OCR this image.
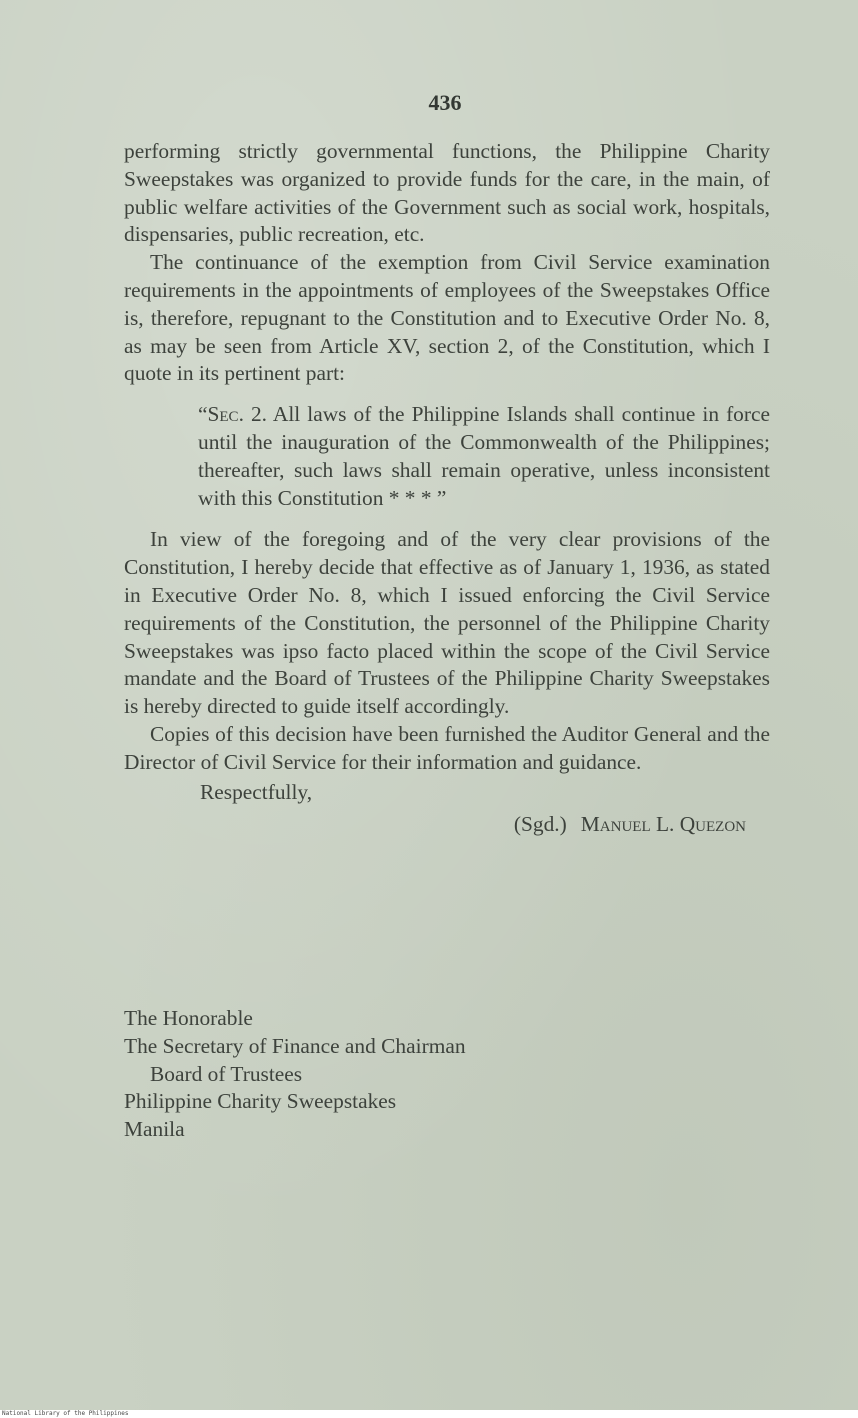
436

performing strictly governmental functions, the Philippine Charity Sweepstakes was organized to provide funds for the care, in the main, of public welfare activities of the Government such as social work, hospitals, dispensaries, public recreation, etc.

The continuance of the exemption from Civil Service examination requirements in the appointments of employees of the Sweepstakes Office is, therefore, repugnant to the Constitution and to Executive Order No. 8, as may be seen from Article XV, section 2, of the Constitution, which I quote in its pertinent part:

“Sec. 2. All laws of the Philippine Islands shall continue in force until the inauguration of the Commonwealth of the Philippines; thereafter, such laws shall remain operative, unless inconsistent with this Constitution * * * ”

In view of the foregoing and of the very clear provisions of the Constitution, I hereby decide that effective as of January 1, 1936, as stated in Executive Order No. 8, which I issued enforcing the Civil Service requirements of the Constitution, the personnel of the Philippine Charity Sweepstakes was ipso facto placed within the scope of the Civil Service mandate and the Board of Trustees of the Philippine Charity Sweepstakes is hereby directed to guide itself accordingly.

Copies of this decision have been furnished the Auditor General and the Director of Civil Service for their information and guidance.

Respectfully,
(Sgd.) Manuel L. Quezon
The Honorable
The Secretary of Finance and Chairman
Board of Trustees
Philippine Charity Sweepstakes
Manila
National Library of the Philippines
